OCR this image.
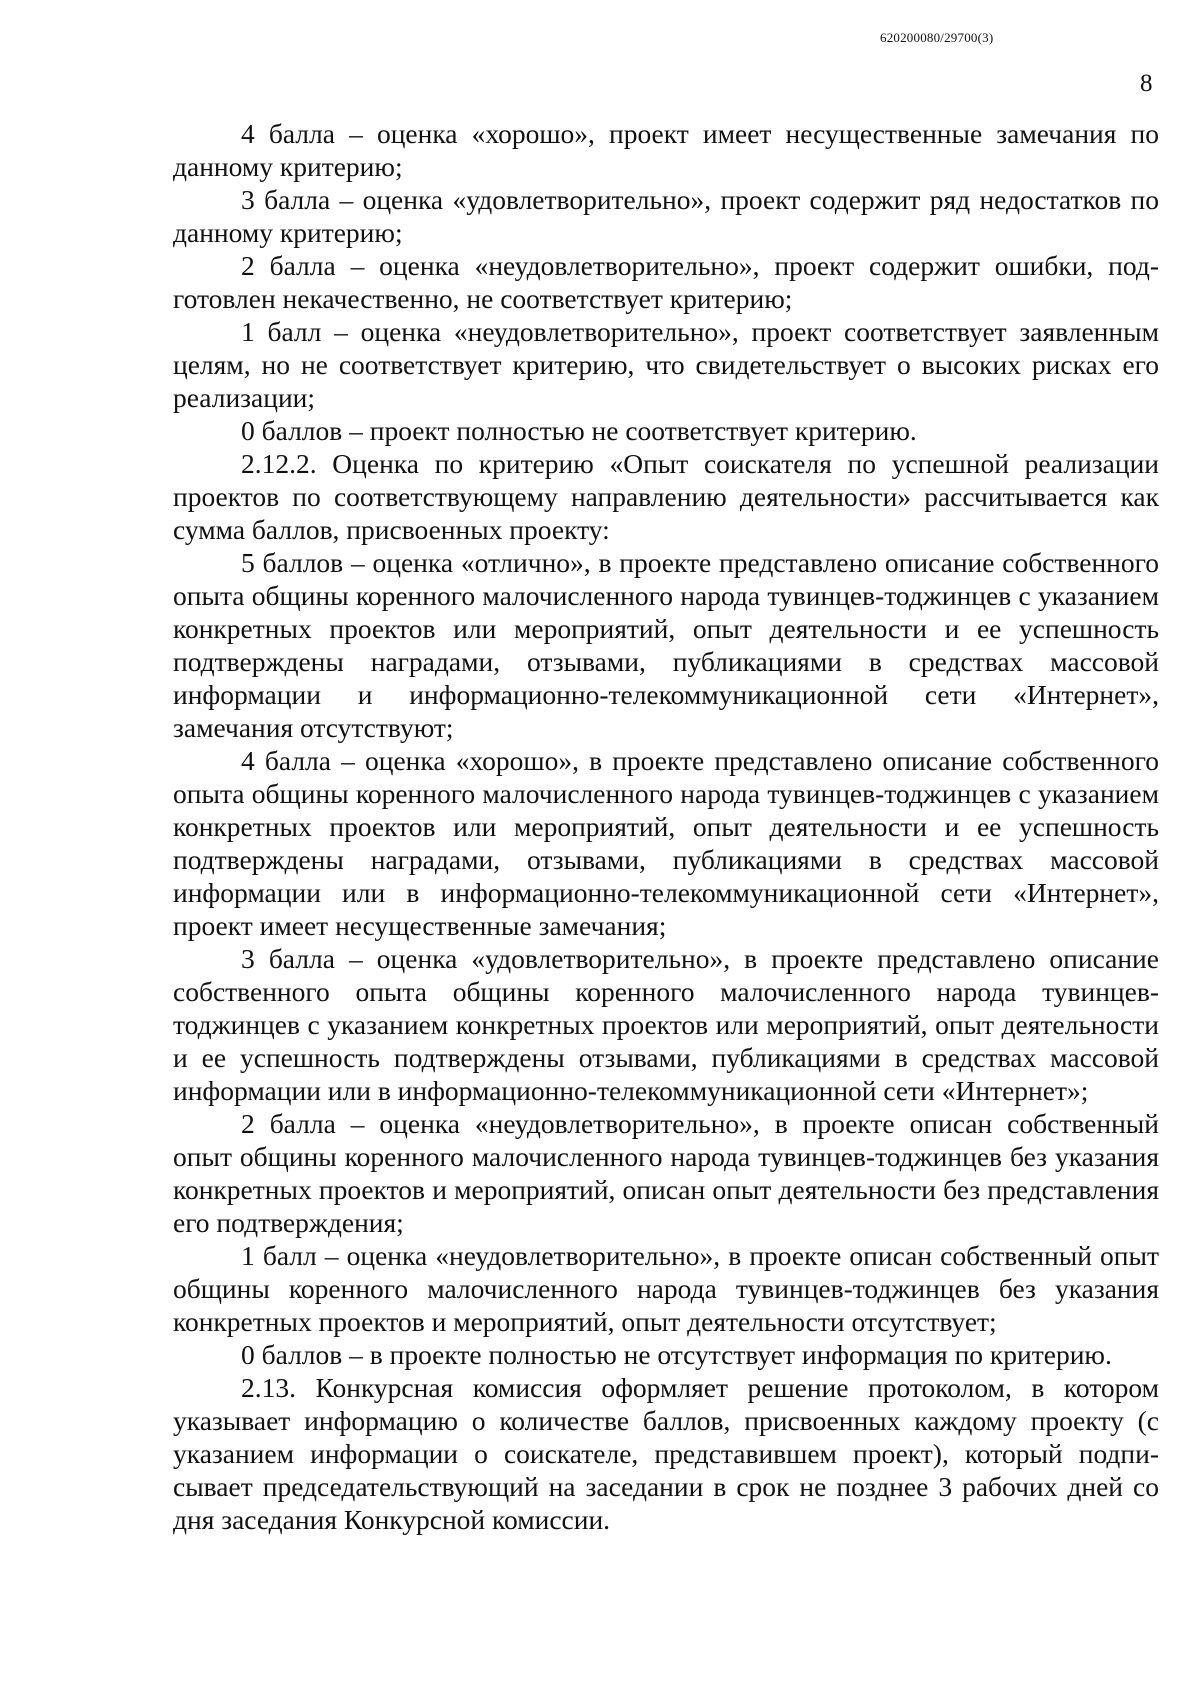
620200080/29700(3)
8

4 балла – оценка «хорошо», проект имеет несущественные замечания по данному критерию;

3 балла – оценка «удовлетворительно», проект содержит ряд недостатков по данному критерию;

2 балла – оценка «неудовлетворительно», проект содержит ошибки, подготовлен некачественно, не соответствует критерию;

1 балл – оценка «неудовлетворительно», проект соответствует заявленным целям, но не соответствует критерию, что свидетельствует о высоких рисках его реализации;

0 баллов – проект полностью не соответствует критерию.

2.12.2. Оценка по критерию «Опыт соискателя по успешной реализации проектов по соответствующему направлению деятельности» рассчитывается как сумма баллов, присвоенных проекту:

5 баллов – оценка «отлично», в проекте представлено описание собственного опыта общины коренного малочисленного народа тувинцев-тоджинцев с указанием конкретных проектов или мероприятий, опыт деятельности и ее успешность подтверждены наградами, отзывами, публикациями в средствах массовой информации и информационно-телекоммуникационной сети «Интернет», замечания отсутствуют;

4 балла – оценка «хорошо», в проекте представлено описание собственного опыта общины коренного малочисленного народа тувинцев-тоджинцев с указанием конкретных проектов или мероприятий, опыт деятельности и ее успешность подтверждены наградами, отзывами, публикациями в средствах массовой информации или в информационно-телекоммуникационной сети «Интернет», проект имеет несущественные замечания;

3 балла – оценка «удовлетворительно», в проекте представлено описание собственного опыта общины коренного малочисленного народа тувинцев-тоджинцев с указанием конкретных проектов или мероприятий, опыт деятельности и ее успешность подтверждены отзывами, публикациями в средствах массовой информации или в информационно-телекоммуникационной сети «Интернет»;

2 балла – оценка «неудовлетворительно», в проекте описан собственный опыт общины коренного малочисленного народа тувинцев-тоджинцев без указания конкретных проектов и мероприятий, описан опыт деятельности без представления его подтверждения;

1 балл – оценка «неудовлетворительно», в проекте описан собственный опыт общины коренного малочисленного народа тувинцев-тоджинцев без указания конкретных проектов и мероприятий, опыт деятельности отсутствует;

0 баллов – в проекте полностью не отсутствует информация по критерию.

2.13. Конкурсная комиссия оформляет решение протоколом, в котором указывает информацию о количестве баллов, присвоенных каждому проекту (с указанием информации о соискателе, представившем проект), который подписывает председательствующий на заседании в срок не позднее 3 рабочих дней со дня заседания Конкурсной комиссии.
